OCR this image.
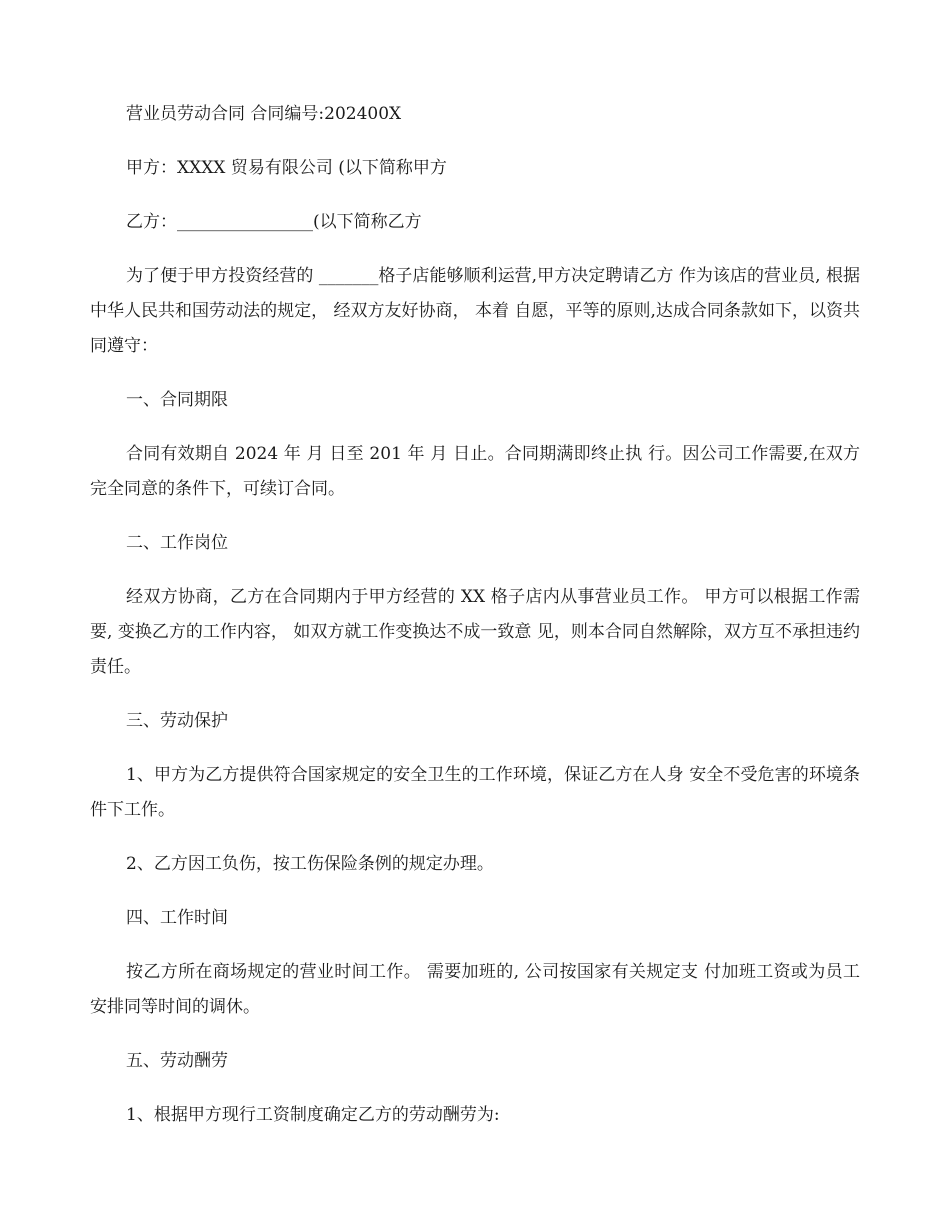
营业员劳动合同 合同编号:202400X

甲方：XXXX 贸易有限公司 (以下简称甲方

乙方：________________(以下简称乙方

为了便于甲方投资经营的 _______格子店能够顺利运营,甲方决定聘请乙方 作为该店的营业员, 根据中华人民共和国劳动法的规定， 经双方友好协商， 本着 自愿，平等的原则,达成合同条款如下，以资共同遵守：

一、合同期限

合同有效期自 2024 年 月 日至 201 年 月 日止。合同期满即终止执 行。因公司工作需要,在双方完全同意的条件下，可续订合同。

二、工作岗位

经双方协商，乙方在合同期内于甲方经营的 XX 格子店内从事营业员工作。 甲方可以根据工作需要, 变换乙方的工作内容， 如双方就工作变换达不成一致意 见，则本合同自然解除，双方互不承担违约责任。

三、劳动保护

1、甲方为乙方提供符合国家规定的安全卫生的工作环境，保证乙方在人身 安全不受危害的环境条件下工作。

2、乙方因工负伤，按工伤保险条例的规定办理。

四、工作时间

按乙方所在商场规定的营业时间工作。 需要加班的, 公司按国家有关规定支 付加班工资或为员工安排同等时间的调休。

五、劳动酬劳

1、根据甲方现行工资制度确定乙方的劳动酬劳为:
